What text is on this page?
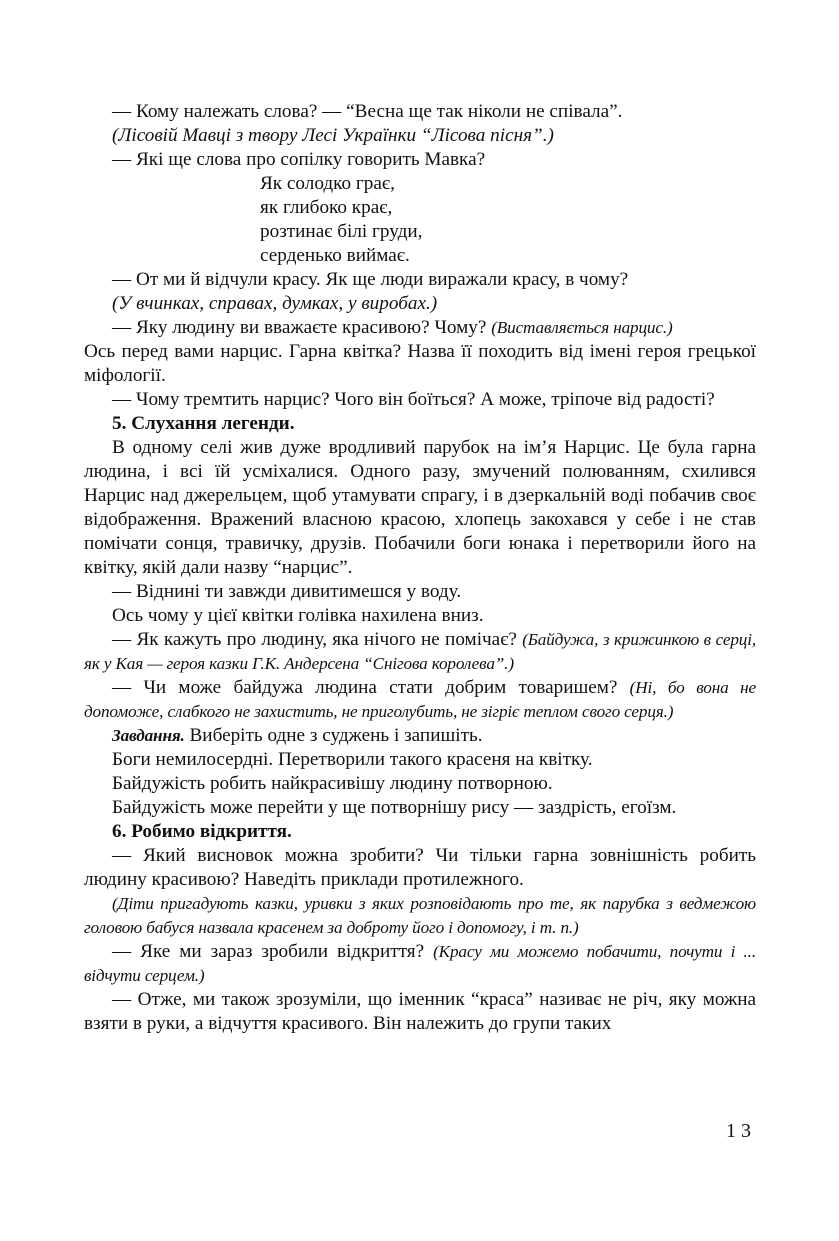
— Кому належать слова? — “Весна ще так ніколи не співала”.

(Лісовій Мавці з твору Лесі Українки “Лісова пісня”.)

— Які ще слова про сопілку говорить Мавка?

Як солодко грає,
як глибоко крає,
розтинає білі груди,
серденько виймає.

— От ми й відчули красу. Як ще люди виражали красу, в чому?

(У вчинках, справах, думках, у виробах.)

— Яку людину ви вважаєте красивою? Чому? (Виставляється нарцис.)

Ось перед вами нарцис. Гарна квітка? Назва її походить від імені героя грецької міфології.

— Чому тремтить нарцис? Чого він боїться? А може, тріпоче від радості?

5. Слухання легенди.

В одному селі жив дуже вродливий парубок на ім’я Нарцис. Це була гарна людина, і всі їй усміхалися. Одного разу, змучений полюванням, схилився Нарцис над джерельцем, щоб утамувати спрагу, і в дзеркальній воді побачив своє відображення. Вражений власною красою, хлопець закохався у себе і не став помічати сонця, травичку, друзів. Побачили боги юнака і перетворили його на квітку, якій дали назву “нарцис”.

— Віднині ти завжди дивитимешся у воду.

Ось чому у цієї квітки голівка нахилена вниз.

— Як кажуть про людину, яка нічого не помічає? (Байдужа, з крижинкою в серці, як у Кая — героя казки Г.К. Андерсена “Снігова королева”.)

— Чи може байдужа людина стати добрим товаришем? (Ні, бо вона не допоможе, слабкого не захистить, не приголубить, не зігріє теплом свого серця.)

Завдання. Виберіть одне з суджень і запишіть.

Боги немилосердні. Перетворили такого красеня на квітку.

Байдужість робить найкрасивішу людину потворною.

Байдужість може перейти у ще потворнішу рису — заздрість, егоїзм.

6. Робимо відкриття.

— Який висновок можна зробити? Чи тільки гарна зовнішність робить людину красивою? Наведіть приклади протилежного.

(Діти пригадують казки, уривки з яких розповідають про те, як парубка з ведмежою головою бабуся назвала красенем за доброту його і допомогу, і т. п.)

— Яке ми зараз зробили відкриття? (Красу ми можемо побачити, почути і ... відчути серцем.)

— Отже, ми також зрозуміли, що іменник “краса” називає не річ, яку можна взяти в руки, а відчуття красивого. Він належить до групи таких

13
